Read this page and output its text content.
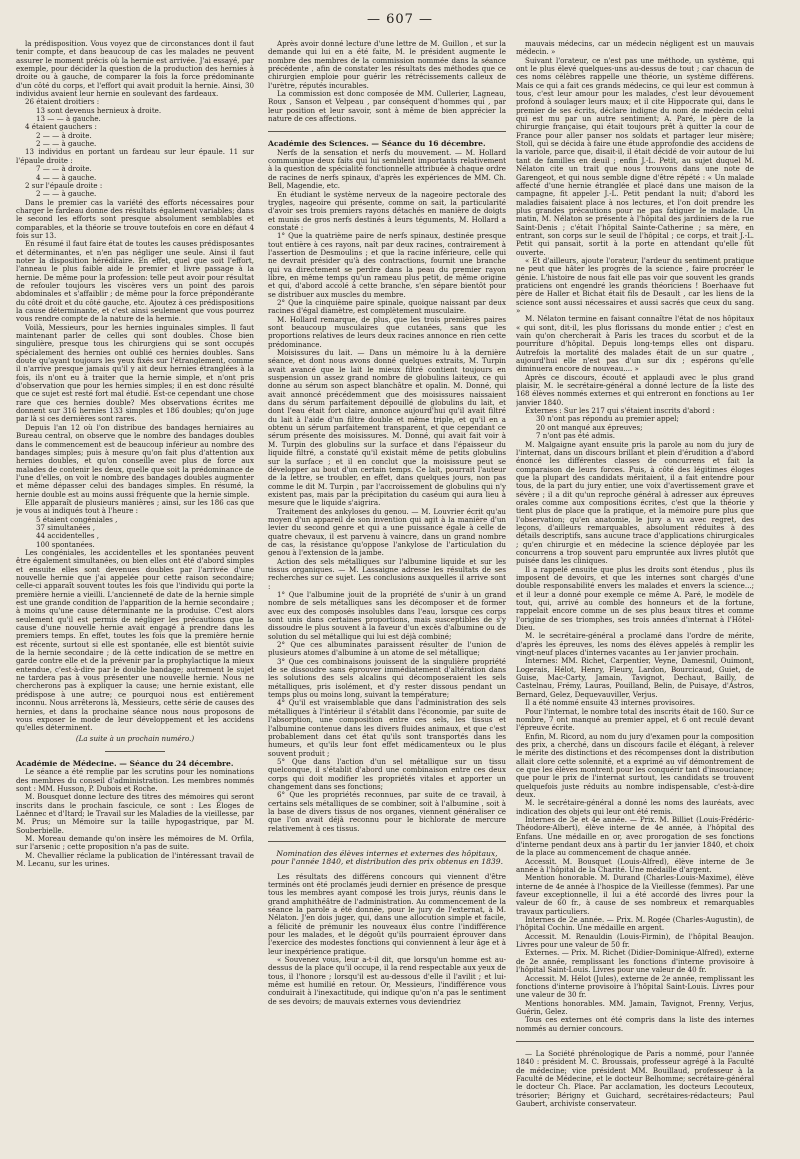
— 607 —

la prédisposition. Vous voyez que de circonstances dont il faut tenir compte, et dans beaucoup de cas les malades ne peuvent assurer le moment précis où la hernie est arrivée. J'ai essayé, par exemple, pour décider la question de la production des hernies à droite ou à gauche, de comparer la fois la force prédominante d'un côté du corps, et l'effort qui avait produit la hernie. Ainsi, 30 individus avaient leur hernie en soulevant des fardeaux.

26 étaient droitiers :

13 sont devenus hernieux à droite.

13 — — à gauche.

4 étaient gauchers :

2 — — à droite.

2 — — à gauche.

13 individus en portant un fardeau sur leur épaule. 11 sur l'épaule droite :

7 — — à droite.

4 — — à gauche.

2 sur l'épaule droite :

2 — — à gauche.

Dans le premier cas la variété des efforts nécessaires pour charger le fardeau donne des résultats également variables; dans le second les efforts sont presque absolument semblables et comparables, et la théorie se trouve toutefois en core en défaut 4 fois sur 13.

En résumé il faut faire état de toutes les causes prédisposantes et déterminantes, et n'en pas négliger une seule. Ainsi il faut noter la disposition héréditaire. En effet, quel que soit l'effort, l'anneau le plus faible aide le premier et livre passage à la hernie. De même pour la profession: telle peut avoir pour résultat de refouler toujours les viscères vers un point des parois abdominales et s'affaiblir ; de même pour la force prépondérante du côté droit et du côté gauche, etc. Ajoutez à ces prédispositions la cause déterminante, et c'est ainsi seulement que vous pourrez vous rendre compte de la nature de la hernie.

Voilà, Messieurs, pour les hernies inguinales simples. Il faut maintenant parler de celles qui sont doubles. Chose bien singulière, presque tous les chirurgiens qui se sont occupés spécialement des hernies ont oublié ces hernies doubles. Sans doute qu'ayant toujours les yeux fixés sur l'étranglement, comme il n'arrive presque jamais qu'il y ait deux hernies étranglées à la fois, ils n'ont eu à traiter que la hernie simple, et n'ont pris d'observation que pour les hernies simples; il en est donc résulté que ce sujet est resté fort mal étudié. Est-ce cependant une chose rare que ces hernies double? Mes observations écrites me donnent sur 316 hernies 133 simples et 186 doubles; qu'on juge par là si ces dernières sont rares.

Depuis l'an 12 où l'on distribue des bandages herniaires au Bureau central, on observe que le nombre des bandages doubles dans le commencement est de beaucoup inférieur au nombre des bandages simples; puis à mesure qu'on fait plus d'attention aux hernies doubles, et qu'on conseille avec plus de force aux malades de contenir les deux, quelle que soit la prédominance de l'une d'elles, on voit le nombre des bandages doubles augmenter et même dépasser celui des bandages simples. En résumé, la hernie double est au moins aussi fréquente que la hernie simple.

Elle apparaît de plusieurs manières ; ainsi, sur les 186 cas que je vous ai indiqués tout à l'heure :

5 étaient congéniales ,

37 simultanées ,

44 accidentelles ,

100 spontanées.

Les congéniales, les accidentelles et les spontanées peuvent être également simultanées, ou bien elles ont été d'abord simples et ensuite elles sont devenues doubles par l'arrivée d'une nouvelle hernie que j'ai appelée pour cette raison secondaire; celle-ci apparaît souvent toutes les fois que l'individu qui porte la première hernie a vieilli. L'ancienneté de date de la hernie simple est une grande condition de l'apparition de la hernie secondaire ; à moins qu'une cause déterminante ne la produise. C'est alors seulement qu'il est permis de négliger les précautions que la cause d'une nouvelle hernie avait engagé à prendre dans les premiers temps. En effet, toutes les fois que la première hernie est récente, surtout si elle est spontanée, elle est bientôt suivie de la hernie secondaire ; de là cette indication de se mettre en garde contre elle et de la prévenir par la prophylactique la mieux entendue, c'est-à-dire par le double bandage; autrement le sujet ne tardera pas à vous présenter une nouvelle hernie. Nous ne chercherons pas à expliquer la cause; une hernie existant, elle prédispose à une autre; ce pourquoi nous est entièrement inconnu. Nous arrêterons là, Messieurs, cette série de causes des hernies, et dans la prochaine séance nous nous proposons de vous exposer le mode de leur développement et les accidens qu'elles déterminent.

(La suite à un prochain numéro.)

Académie de Médecine. — Séance du 24 décembre.

Le séance a été remplie par les scrutins pour les nominations des membres du conseil d'administration. Les membres nommés sont : MM. Husson, P. Dubois et Roche.

M. Bousquet donne lecture des titres des mémoires qui seront inscrits dans le prochain fascicule, ce sont : Les Éloges de Laënnec et d'Itard; le Travail sur les Maladies de la vieillesse, par M. Prus; un Mémoire sur la taille hypogastrique, par M. Souberbielle.

M. Moreau demande qu'on insère les mémoires de M. Orfila, sur l'arsenic ; cette proposition n'a pas de suite.

M. Chevallier réclame la publication de l'intéressant travail de M. Lecanu, sur les urines.

Après avoir donné lecture d'une lettre de M. Guillon , et sur la demande qui lui en a été faite, M. le président augmente le nombre des membres de la commission nommée dans la séance précédente , afin de constater les résultats des méthodes que ce chirurgien emploie pour guérir les rétrécissements calleux de l'urètre, réputés incurables.

La commission est donc composée de MM. Cullerier, Lagneau, Roux , Sanson et Velpeau , par conséquent d'hommes qui , par leur position et leur savoir, sont à même de bien apprécier la nature de ces affections.

Académie des Sciences. — Séance du 16 décembre.

Nerfs de la sensation et nerfs du mouvement. — M. Hollard communique deux faits qui lui semblent importants relativement à la question de spécialité fonctionnelle attribuée à chaque ordre de racines de nerfs spinaux, d'après les expériences de MM. Ch. Bell, Magendie, etc.

En étudiant le système nerveux de la nageoire pectorale des trygles, nageoire qui présente, comme on sait, la particularité d'avoir ses trois premiers rayons détachés en manière de doigts et munis de gros nerfs destinés à leurs téguments, M. Hollard a constaté :

1° Que la quatrième paire de nerfs spinaux, destinée presque tout entière à ces rayons, naît par deux racines, contrairement à l'assertion de Desmoulins ; et que la racine inférieure, celle qui ne devrait présider qu'à des contractions, fournit une branche qui va directement se perdre dans la peau du premier rayon libre, en même temps qu'un rameau plus petit, de même origine et qui, d'abord accolé à cette branche, s'en sépare bientôt pour se distribuer aux muscles du membre.

2° Que la cinquième paire spinale, quoique naissant par deux racines d'égal diamètre, est complètement musculaire.

M. Hollard remarque, de plus, que les trois premières paires sont beaucoup musculaires que cutanées, sans que les proportions relatives de leurs deux racines annonce en rien cette prédominance.

Moisissures du lait. — Dans un mémoire lu à la dernière séance, et dont nous avons donné quelques extraits, M. Turpin avait avancé que le lait le mieux filtré contient toujours en suspension un assez grand nombre de globulins laiteux, ce qui donne au sérum son aspect blanchâtre et opalin. M. Donné, qui avait annoncé précédemment que des moisissures naissaient dans du sérum parfaitement dépouillé de globulins du lait, et dont l'eau était fort claire, annonce aujourd'hui qu'il avait filtré du lait à l'aide d'un filtre double et même triple, et qu'il en a obtenu un sérum parfaitement transparent, et que cependant ce sérum présente des moisissures. M. Donné, qui avait fait voir à M. Turpin des globulins sur la surface et dans l'épaisseur du liquide filtré, a constaté qu'il existait même de petits globulins sur la surface ; et il en conclut que la moisissure peut se développer au bout d'un certain temps. Ce lait, pourrait l'auteur de la lettre, se troubler, en effet, dans quelques jours, non pas comme le dit M. Turpin , par l'accroissement de globulins qui n'y existent pas, mais par la précipitation du caséum qui aura lieu à mesure que le liquide s'aigrira.

Traitement des ankyloses du genou. — M. Louvrier écrit qu'au moyen d'un appareil de son invention qui agit à la manière d'un levier du second genre et qui a une puissance égale à celle de quatre chevaux, il est parvenu à vaincre, dans un grand nombre de cas, la résistance qu'oppose l'ankylose de l'articulation du genou à l'extension de la jambe.

Action des sels métalliques sur l'albumine liquide et sur les tissus organiques. — M. Lassaigne adresse les résultats de ses recherches sur ce sujet. Les conclusions auxquelles il arrive sont :

1° Que l'albumine jouit de la propriété de s'unir à un grand nombre de sels métalliques sans les décomposer et de former avec eux des composés insolubles dans l'eau, lorsque ces corps sont unis dans certaines proportions, mais susceptibles de s'y dissoudre le plus souvent à la faveur d'un excès d'albumine ou de solution du sel métallique qui lui est déjà combiné;

2° Que ces albuminates paraissent résulter de l'union de plusieurs atomes d'albumine à un atome de sel métallique;

3° Que ces combinaisons jouissent de la singulière propriété de se dissoudre sans éprouver immédiatement d'altération dans les solutions des sels alcalins qui décomposeraient les sels métalliques, pris isolément, et d'y rester dissous pendant un temps plus ou moins long, suivant la température;

4° Qu'il est vraisemblable que dans l'administration des sels métalliques à l'intérieur il s'établit dans l'économie, par suite de l'absorption, une composition entre ces sels, les tissus et l'albumine contenue dans les divers fluides animaux, et que c'est probablement dans cet état qu'ils sont transportés dans les humeurs, et qu'ils leur font effet médicamenteux ou le plus souvent produit ;

5° Que dans l'action d'un sel métallique sur un tissu quelconque, il s'établit d'abord une combinaison entre ces deux corps qui doit modifier les propriétés vitales et apporter un changement dans ses fonctions;

6° Que les propriétés reconnues, par suite de ce travail, à certains sels métalliques de se combiner, soit à l'albumine , soit à la base de divers tissus de nos organes, viennent généraliser ce que l'on avait déjà reconnu pour le bichlorate de mercure relativement à ces tissus.

Nomination des élèves internes et externes des hôpitaux, pour l'année 1840, et distribution des prix obtenus en 1839.

Les résultats des différens concours qui viennent d'être terminés ont été proclamés jeudi dernier en présence de presque tous les membres ayant composé les trois jurys, réunis dans le grand amphithéâtre de l'administration. Au commencement de la séance la parole a été donnée, pour le jury de l'externat, à M. Nélaton. J'en dois juger, qui, dans une allocution simple et facile, a félicité de prémunir les nouveaux élus contre l'indifférence pour les malades, et le dégoût qu'ils pourraient éprouver dans l'exercice des modestes fonctions qui conviennent à leur âge et à leur inexpérience pratique.

« Souvenez vous, leur a-t-il dit, que lorsqu'un homme est au-dessus de la place qu'il occupe, il la rend respectable aux yeux de tous, il l'honore ; lorsqu'il est au-dessous d'elle il l'avilit ; et lui-même est humilié en retour. Or, Messieurs, l'indifférence vous conduirait à l'inexactitude, qui indique qu'on n'a pas le sentiment de ses devoirs; de mauvais externes vous deviendriez

mauvais médecins, car un médecin négligent est un mauvais médecin. »

Suivant l'orateur, ce n'est pas une méthode, un système, qui ont le plus élevé quelques-uns au-dessus de tout ; car chacun de ces noms célèbres rappelle une théorie, un système différens. Mais ce qui a fait ces grands médecins, ce qui leur est commun à tous, c'est leur amour pour les malades, c'est leur dévouement profond à soulager leurs maux; et il cite Hippocrate qui, dans le premier de ses écrits, déclare indigne du nom de médecin celui qui est mu par un autre sentiment; A. Paré, le père de la chirurgie française, qui était toujours prêt à quitter la cour de France pour aller panser nos soldats et partager leur misère; Stoll, qui se décida à faire une étude approfondie des accidens de la variole, parce que, disait-il, il était décidé de voir autour de lui tant de familles en deuil ; enfin J.-L. Petit, au sujet duquel M. Nélaton cite un trait que nous trouvons dans une note de Garengeot, et qui nous semble digne d'être répété : « Un malade affecté d'une hernie étranglée et placé dans une maison de la campagne, fit appeler J.-L. Petit pendant la nuit; d'abord les maladies faisaient place à nos lectures, et l'on doit prendre les plus grandes précautions pour ne pas fatiguer le malade. Un matin, M. Nélaton se présente à l'hôpital des jardiniers de la rue Saint-Denis ; c'était l'hôpital Sainte-Catherine ; sa mère, en entrant, son corps sur le seuil de l'hôpital ; ce corps, et trait J.-L. Petit qui pansait, sortit à la porte en attendant qu'elle fût ouverte.

« Et d'ailleurs, ajoute l'orateur, l'ardeur du sentiment pratique ne peut que hâter les progrès de la science , faire procréer le génie. L'histoire de nous fait elle pas voir que souvent les grands praticiens ont engendré les grands théoriciens ! Boerhaave fut père de Haller et Bichat était fils de Desault , car les liens de la science sont aussi nécessaires et aussi sacrés que ceux du sang. »

M. Nélaton termine en faisant connaître l'état de nos hôpitaux « qui sont, dit-il, les plus florissans du monde entier ; c'est en vain qu'on chercherait à Paris les traces du scorbut et de la pourriture d'hôpital. Depuis long-temps elles ont disparu. Autrefois la mortalité des malades était de un sur quatre , aujourd'hui elle n'est pas d'un sur dix ; espérons qu'elle diminuera encore de nouveau.... »

Après ce discours, écouté et applaudi avec le plus grand plaisir, M. le secrétaire-général a donné lecture de la liste des 168 élèves nommés externes et qui entreront en fonctions au 1er janvier 1840.

Externes : Sur les 217 qui s'étaient inscrits d'abord :

30 n'ont pas répondu au premier appel;

20 ont manqué aux épreuves;

7 n'ont pas été admis.

M. Malgaigne ayant ensuite pris la parole au nom du jury de l'internat, dans un discours brillant et plein d'érudition a d'abord énoncé les différentes classes de concurrens et fait la comparaison de leurs forces. Puis, à côté des légitimes éloges que la plupart des candidats méritaient, il a fait entendre pour tous, de la part du jury entier, une voix d'avertissement grave et sévère ; il a dit qu'un reproche général à adresser aux épreuves orales comme aux compositions écrites, c'est que la théorie y tient plus de place que la pratique, et la mémoire pure plus que l'observation; qu'en anatomie, le jury a vu avec regret, des leçons, d'ailleurs remarquables, absolument réduites à des détails descriptifs, sans aucune trace d'applications chirurgicales ; qu'en chirurgie et en médecine la science déployée par les concurrens a trop souvent paru empruntée aux livres plutôt que puisée dans les cliniques.

Il a rappelé ensuite que plus les droits sont étendus , plus ils imposent de devoirs, et que les internes sont chargés d'une double responsabilité envers les malades et envers la science...; et il leur a donné pour exemple ce même A. Paré, le modèle de tout, qui, arrivé au comble des honneurs et de la fortune, rappelait encore comme un de ses plus beaux titres et comme l'origine de ses triomphes, ses trois années d'internat à l'Hôtel-Dieu.

M. le secrétaire-général a proclamé dans l'ordre de mérite, d'après les épreuves, les noms des élèves appelés à remplir les vingt-neuf places d'internes vacantes au 1er janvier prochain.

Internes: MM. Richet, Carpentier, Veyne, Damesnil, Ouimont, Logerais, Hélot, Henry, Fleury, Lardon, Bourcicaud, Guiet, de Guise, Mac-Carty, Jamain, Tavignot, Dechaut, Bailly, de Castelnau, Frémy, Lauras, Pouilland, Belin, de Puisaye, d'Astros, Bernard, Gelez, Dequevauviller, Verjus.

Il a été nommé ensuite 43 internes provisoires.

Pour l'internat, le nombre total des inscrits était de 160. Sur ce nombre, 7 ont manqué au premier appel, et 6 ont reculé devant l'épreuve écrite.

Enfin, M. Ricord, au nom du jury d'examen pour la composition des prix, a cherché, dans un discours facile et élégant, à relever le mérite des distinctions et des récompenses dont la distribution allait clore cette solennité, et a exprimé au vif démontrement de ce que les élèves montrent pour les conquérir tant d'insouciance; que pour le prix de l'internat surtout, les candidats se trouvent quelquefois juste réduits au nombre indispensable, c'est-à-dire deux.

M. le secrétaire-général a donné les noms des lauréats, avec indication des objets qui leur ont été remis.

Internes de 3e et 4e année. — Prix. M. Billiet (Louis-Frédéric-Théodore-Albert), élève interne de 4e année, à l'hôpital des Enfans. Une médaille en or, avec prorogation de ses fonctions d'interne pendant deux ans à partir du 1er janvier 1840, et choix de la place au commencement de chaque année.

Accessit. M. Bousquet (Louis-Alfred), élève interne de 3e année à l'hôpital de la Charité. Une médaille d'argent.

Mention honorable. M. Durand (Charles-Louis-Maxime), élève interne de 4e année à l'hospice de la Vieillesse (femmes). Par une faveur exceptionnelle, il lui a été accordé des livres pour la valeur de 60 fr., à cause de ses nombreux et remarquables travaux particuliers.

Internes de 2e année. — Prix. M. Rogée (Charles-Augustin), de l'hôpital Cochin. Une médaille en argent.

Accessit. M. Renauldin (Louis-Firmin), de l'hôpital Beaujon. Livres pour une valeur de 50 fr.

Externes. — Prix. M. Richet (Didier-Dominique-Alfred), externe de 2e année, remplissant les fonctions d'interne provisoire à l'hôpital Saint-Louis. Livres pour une valeur de 40 fr.

Accessit. M. Hélot (Jules), externe de 2e année, remplissant les fonctions d'interne provisoire à l'hôpital Saint-Louis. Livres pour une valeur de 30 fr.

Mentions honorables. MM. Jamain, Tavignot, Frenny, Verjus, Guérin, Gelez.

Tous ces externes ont été compris dans la liste des internes nommés au dernier concours.

— La Société phrénologique de Paris a nommé, pour l'année 1840 : président M. C. Broussais, professeur agrégé à la Faculté de médecine; vice président MM. Bouillaud, professeur à la Faculté de Médecine, et le docteur Belhomme; secrétaire-général le docteur Ch. Place. Par acclamation, les docteurs Lecouteux, trésorier; Bérigny et Guichard, secrétaires-rédacteurs; Paul Gaubert, archiviste conservateur.
